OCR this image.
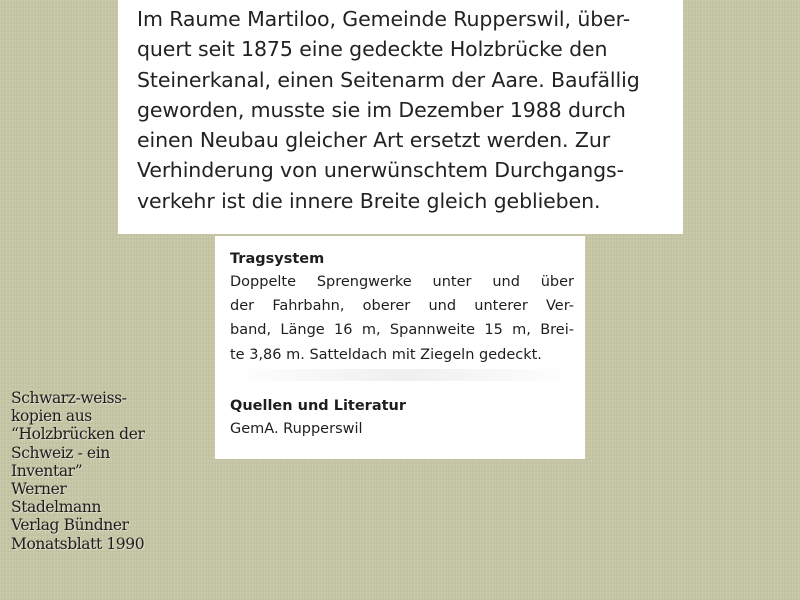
Im Raume Martiloo, Gemeinde Rupperswil, über-
quert seit 1875 eine gedeckte Holzbrücke den
Steinerkanal, einen Seitenarm der Aare. Baufällig
geworden, musste sie im Dezember 1988 durch
einen Neubau gleicher Art ersetzt werden. Zur
Verhinderung von unerwünschtem Durchgangs-
verkehr ist die innere Breite gleich geblieben.
Tragsystem
Doppelte Sprengwerke unter und über
der Fahrbahn, oberer und unterer Ver-
band, Länge 16 m, Spannweite 15 m, Brei-
te 3,86 m. Satteldach mit Ziegeln gedeckt.
Quellen und Literatur
GemA. Rupperswil
Schwarz-weiss-
kopien aus
“Holzbrücken der
Schweiz - ein
Inventar”
Werner
Stadelmann
Verlag Bündner
Monatsblatt 1990
